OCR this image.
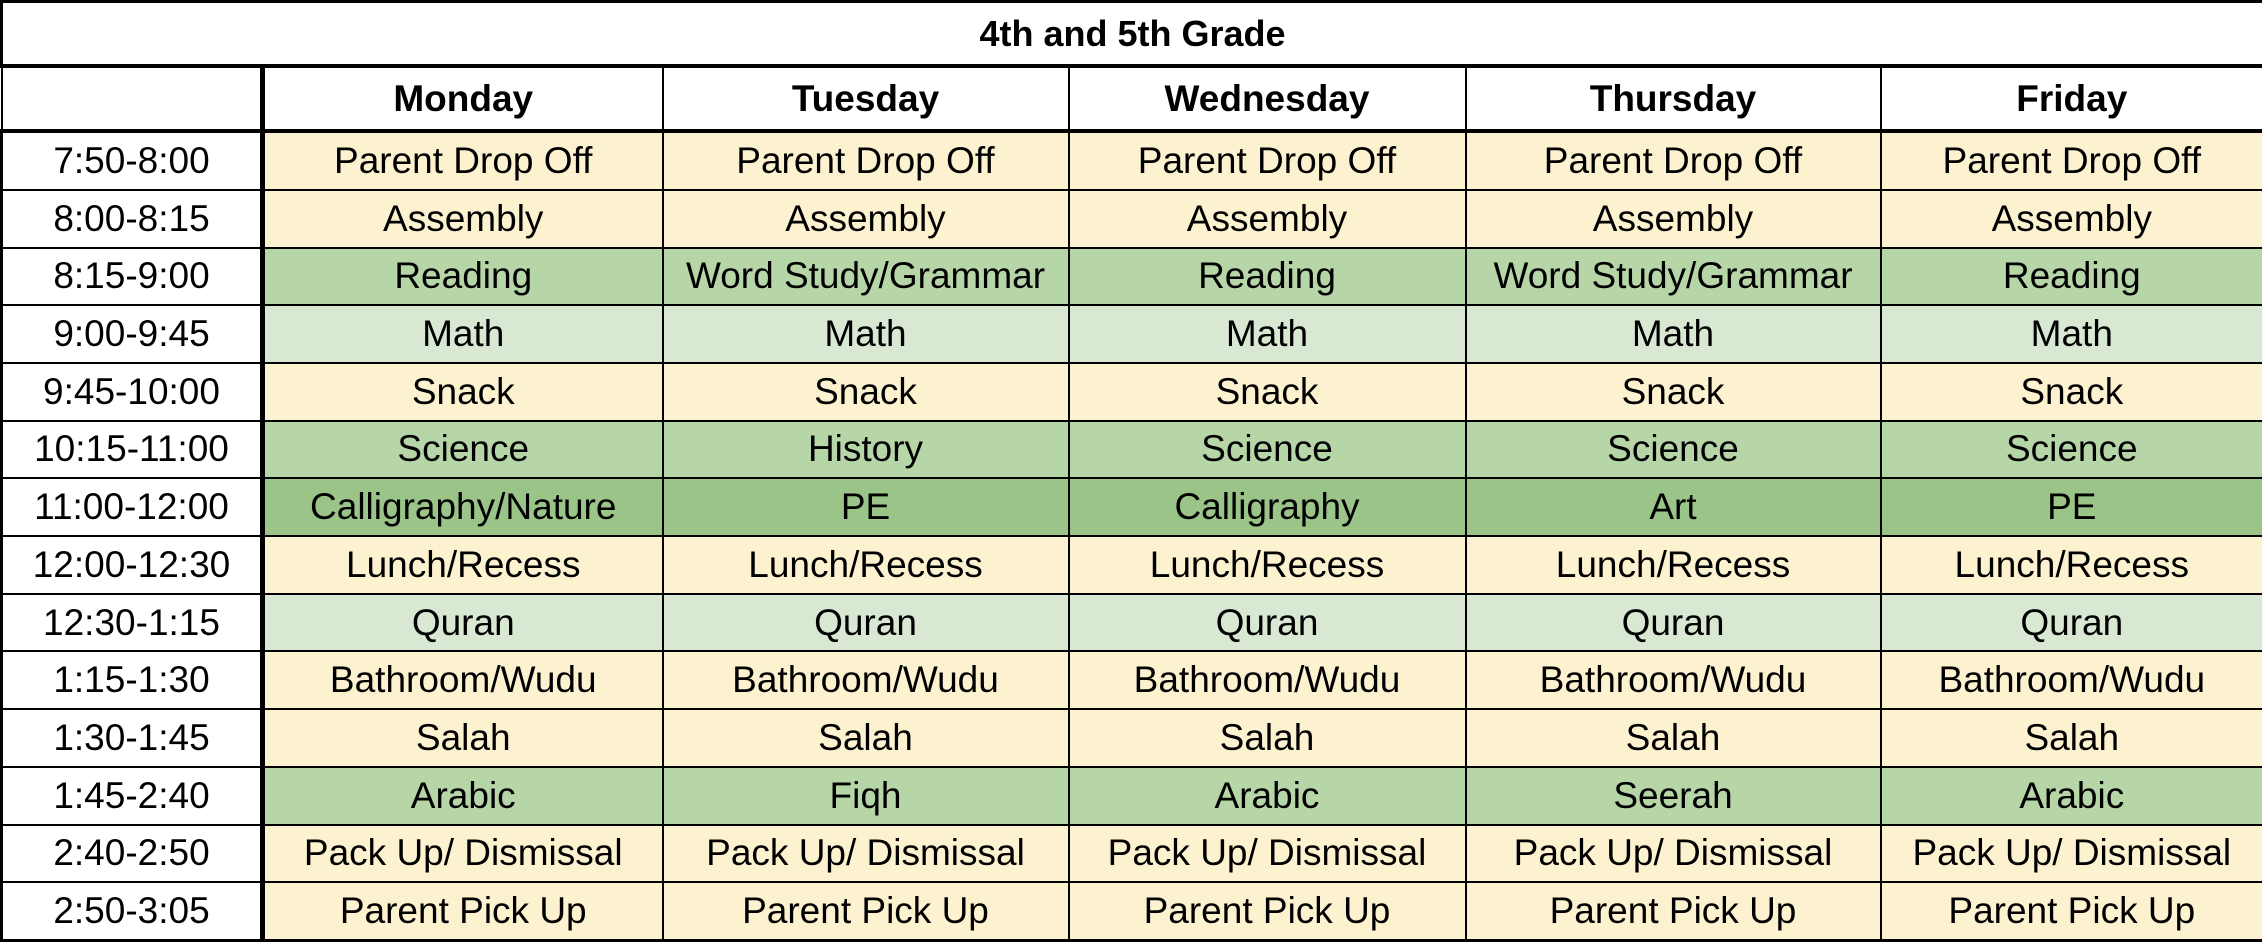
4th and 5th Grade					
	Monday	Tuesday	Wednesday	Thursday	Friday
7:50-8:00	Parent Drop Off	Parent Drop Off	Parent Drop Off	Parent Drop Off	Parent Drop Off
8:00-8:15	Assembly	Assembly	Assembly	Assembly	Assembly
8:15-9:00	Reading	Word Study/Grammar	Reading	Word Study/Grammar	Reading
9:00-9:45	Math	Math	Math	Math	Math
9:45-10:00	Snack	Snack	Snack	Snack	Snack
10:15-11:00	Science	History	Science	Science	Science
11:00-12:00	Calligraphy/Nature	PE	Calligraphy	Art	PE
12:00-12:30	Lunch/Recess	Lunch/Recess	Lunch/Recess	Lunch/Recess	Lunch/Recess
12:30-1:15	Quran	Quran	Quran	Quran	Quran
1:15-1:30	Bathroom/Wudu	Bathroom/Wudu	Bathroom/Wudu	Bathroom/Wudu	Bathroom/Wudu
1:30-1:45	Salah	Salah	Salah	Salah	Salah
1:45-2:40	Arabic	Fiqh	Arabic	Seerah	Arabic
2:40-2:50	Pack Up/ Dismissal	Pack Up/ Dismissal	Pack Up/ Dismissal	Pack Up/ Dismissal	Pack Up/ Dismissal
2:50-3:05	Parent Pick Up	Parent Pick Up	Parent Pick Up	Parent Pick Up	Parent Pick Up
